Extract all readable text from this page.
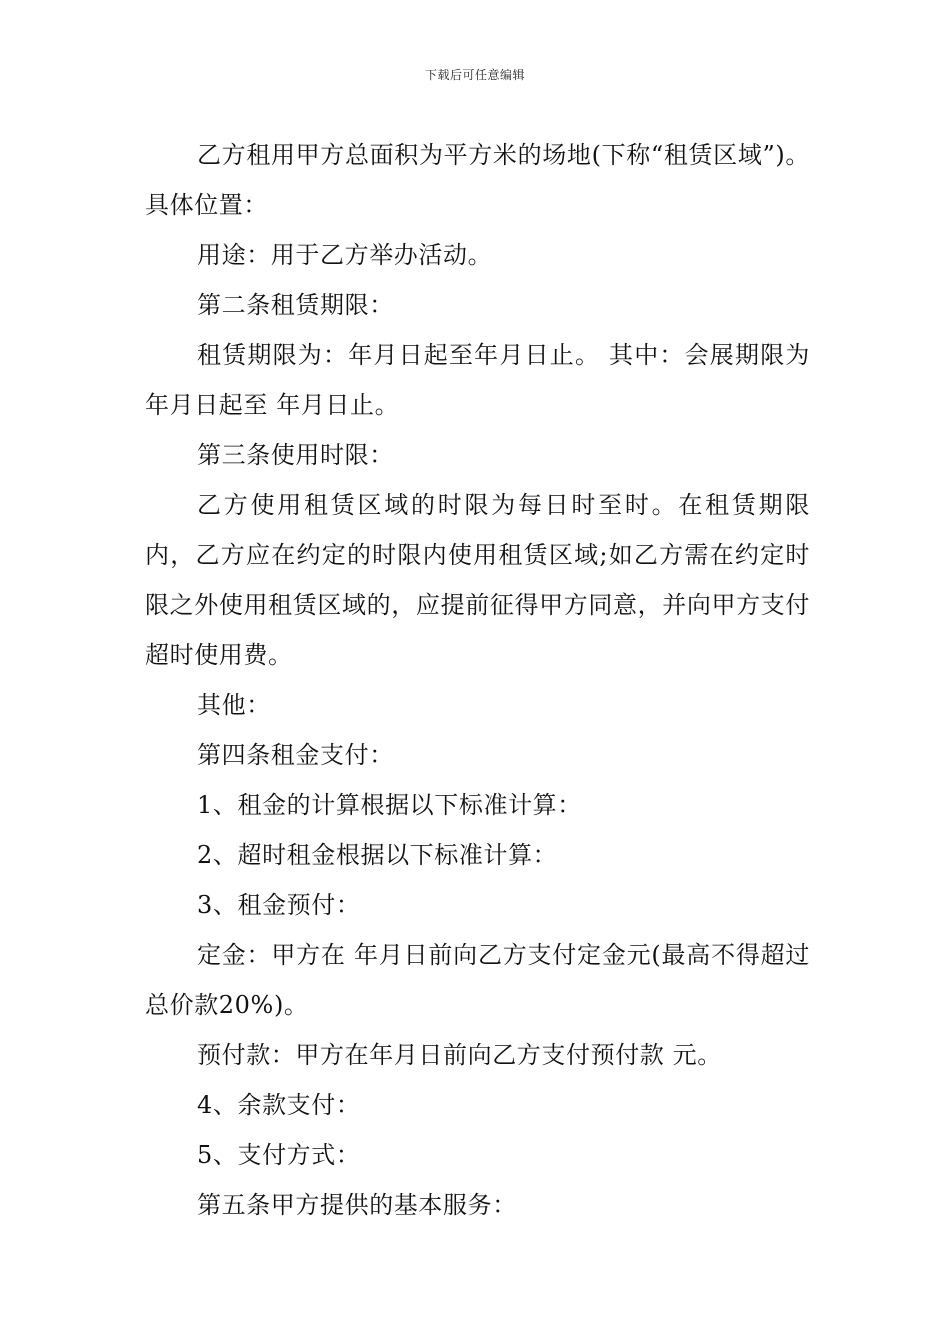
下载后可任意编辑

乙方租用甲方总面积为平方米的场地(下称“租赁区域”)。 具体位置：

用途：用于乙方举办活动。

第二条租赁期限：

租赁期限为：年月日起至年月日止。 其中：会展期限为 年月日起至 年月日止。

第三条使用时限：

乙方使用租赁区域的时限为每日时至时。在租赁期限内，乙方应在约定的时限内使用租赁区域;如乙方需在约定时限之外使用租赁区域的，应提前征得甲方同意，并向甲方支付超时使用费。

其他：

第四条租金支付：

1、租金的计算根据以下标准计算：

2、超时租金根据以下标准计算：

3、租金预付：

定金：甲方在 年月日前向乙方支付定金元(最高不得超过总价款20%)。

预付款：甲方在年月日前向乙方支付预付款 元。

4、余款支付：

5、支付方式：

第五条甲方提供的基本服务：
